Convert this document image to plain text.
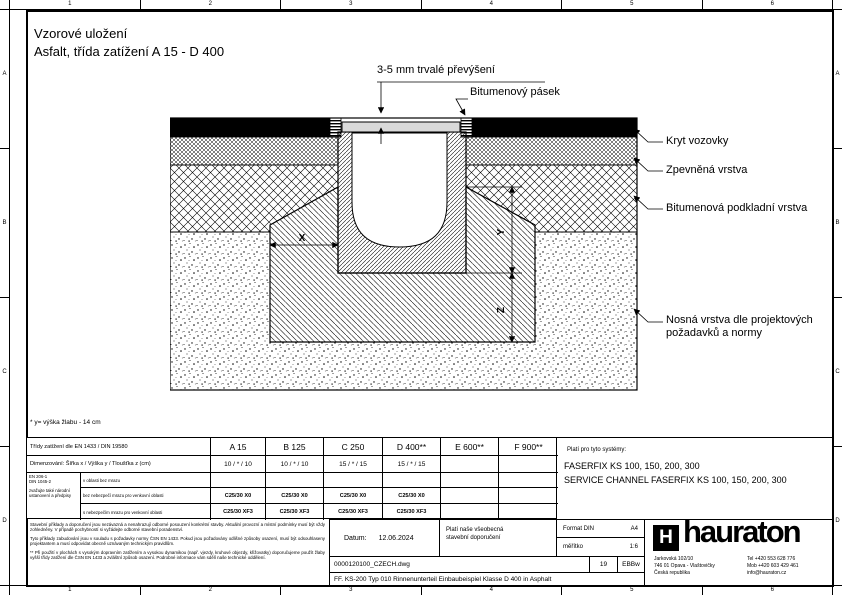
1	2	3	4	5	6
1	2	3	4	5	6
A
B
C
D
A
B
C
D
Vzorové uložení
Asfalt, třída zatížení A 15 - D 400
X
Y
Z
3-5 mm trvalé převýšení
Bitumenový pásek
Kryt vozovky
Zpevněná vrstva
Bitumenová podkladní vrstva
Nosná vrstva dle projektových
požadavků a normy
* y= výška žlabu - 14 cm
Třídy zatížení dle EN 1433 / DIN 19580	A 15	B 125	C 250	D 400**	E 600**	F 900**
Dimenzování: Šířka x / Výška y / Tloušťka z (cm)	10 / * / 10	10 / * / 10	15 / * / 15	15 / * / 15
EN 206-1
DIN 1045-2
zvažujte také národní
ustanovení a předpisy
v oblasti bez mrazu
bez nebezpečí mrazu pro venkovní oblasti	C25/30 X0	C25/30 X0	C25/30 X0	C25/30 X0
s nebezpečím mrazu pro venkovní oblasti	C25/30 XF3	C25/30 XF3	C25/30 XF3	C25/30 XF3
Platí pro tyto systémy:
FASERFIX KS 100, 150, 200, 300
SERVICE CHANNEL FASERFIX KS 100, 150, 200, 300

Stavební příklady a doporučení jsou nezávazná a nenahrazují odborné posouzení konkrétní stavby. Aktuální provozní a místní podmínky musí být vždy zohledněny. V případě pochybností si vyžádejte odborné stavební poradenství.

Tyto příklady zabudování jsou v souladu s požadavky normy ČSN EN 1433. Pokud jsou požadovány odlišné způsoby osazení, musí být odsouhlaseny projektantem a musí odpovídat obecně uznávaným technickým pravidlům.

** Při použití v plochách s vysokým dopravním zatížením a vysokou dynamikou (např. vjezdy, kruhové objezdy, křižovatky) doporučujeme použít žlaby vyšší třídy zatížení dle ČSN EN 1433 a zvláštní způsob osazení. Podrobné informace vám sdělí naše technické oddělení.

Datum: 12.06.2024
Platí naše všeobecná
stavební doporučení
Format DIN	A4
měřítko	1:6
0000120100_CZECH.dwg	19	EBBw
FF. KS-200 Typ 010 Rinnenunterteil Einbaubeispiel Klasse D 400 in Asphalt
H hauraton
Jarkovská 102/10
746 01 Opava - Vlaštovičky
Česká republika
Tel +420 553 628 776
Mob +420 603 429 461
info@hauraton.cz
